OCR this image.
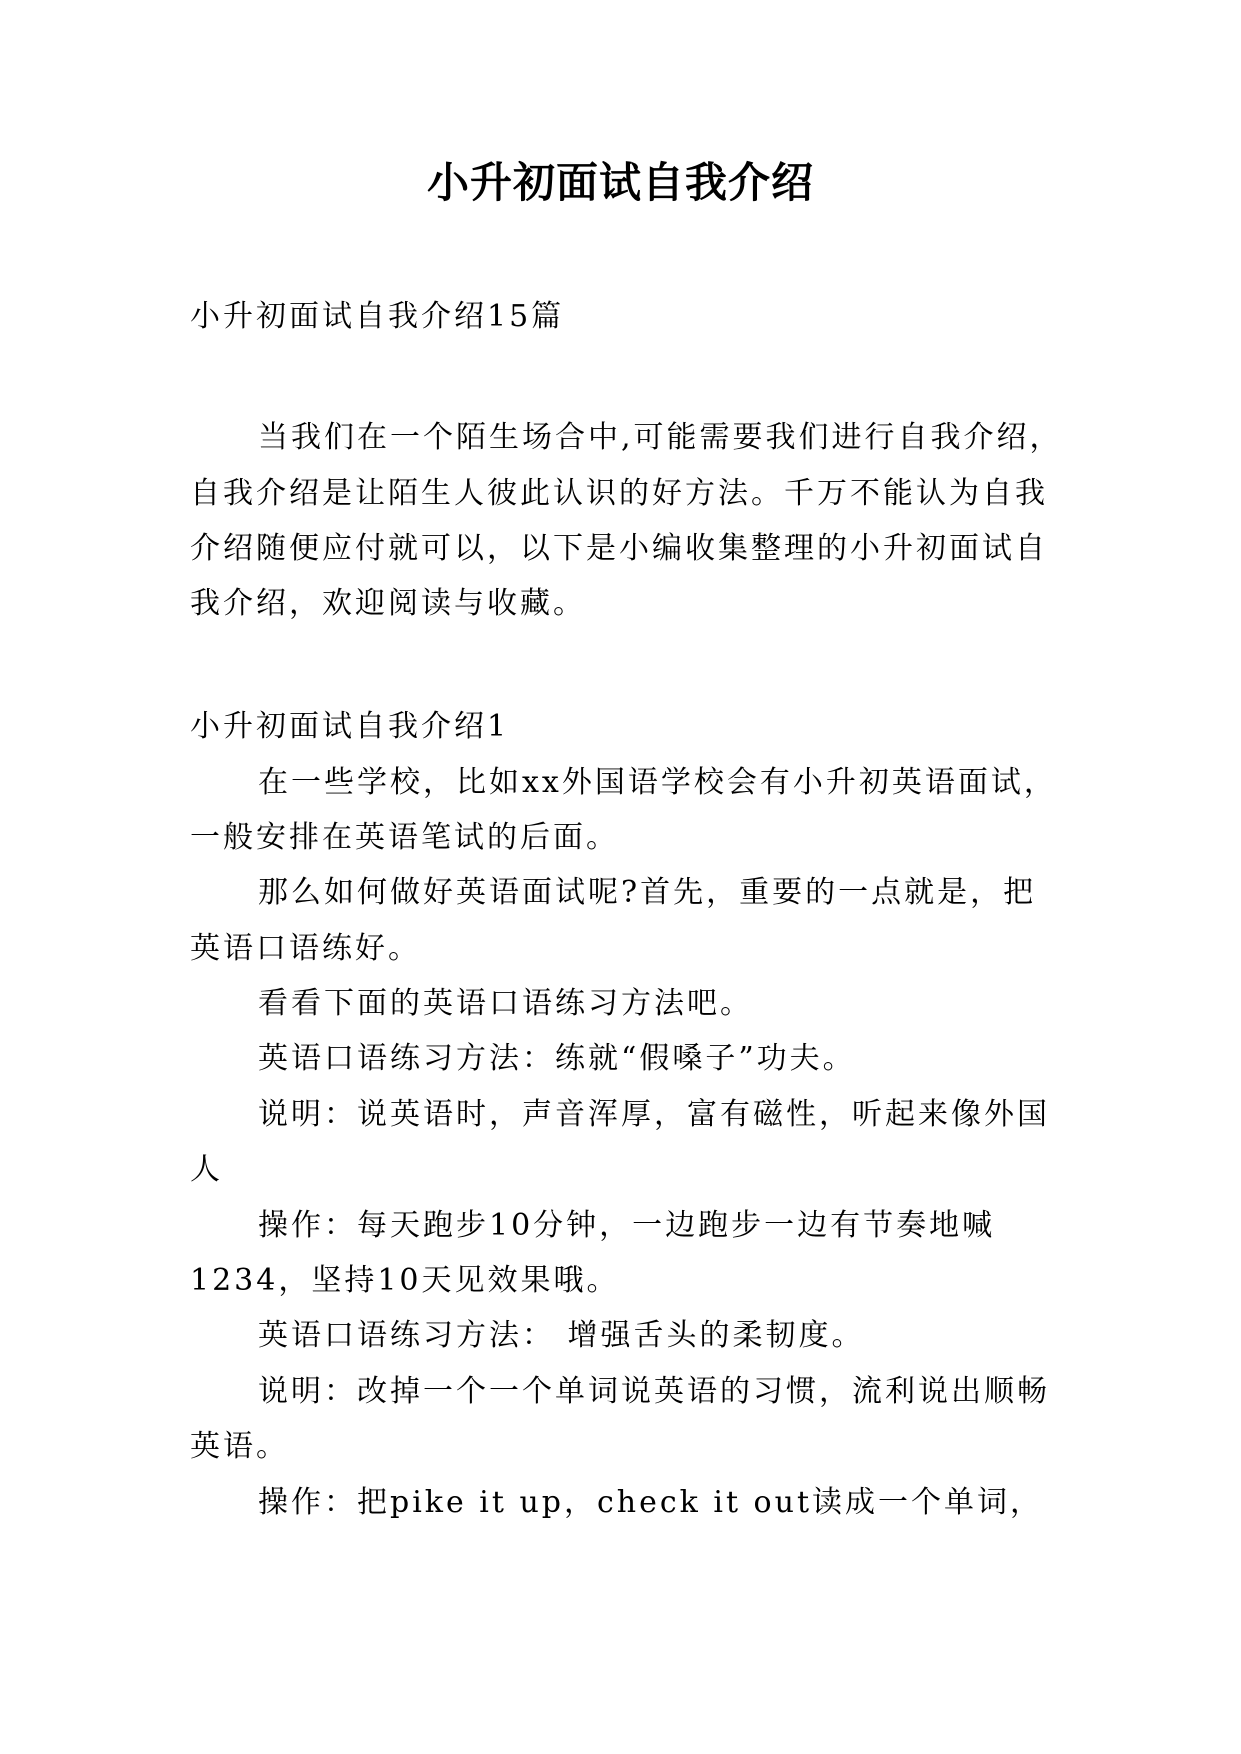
小升初面试自我介绍
小升初面试自我介绍15篇
当我们在一个陌生场合中,可能需要我们进行自我介绍，
自我介绍是让陌生人彼此认识的好方法。千万不能认为自我
介绍随便应付就可以，以下是小编收集整理的小升初面试自
我介绍，欢迎阅读与收藏。
小升初面试自我介绍1
在一些学校，比如xx外国语学校会有小升初英语面试，
一般安排在英语笔试的后面。
那么如何做好英语面试呢?首先，重要的一点就是，把
英语口语练好。
看看下面的英语口语练习方法吧。
英语口语练习方法：练就“假嗓子”功夫。
说明：说英语时，声音浑厚，富有磁性，听起来像外国
人
操作：每天跑步10分钟，一边跑步一边有节奏地喊
1234，坚持10天见效果哦。
英语口语练习方法： 增强舌头的柔韧度。
说明：改掉一个一个单词说英语的习惯，流利说出顺畅
英语。
操作：把pike it up，check it out读成一个单词，
